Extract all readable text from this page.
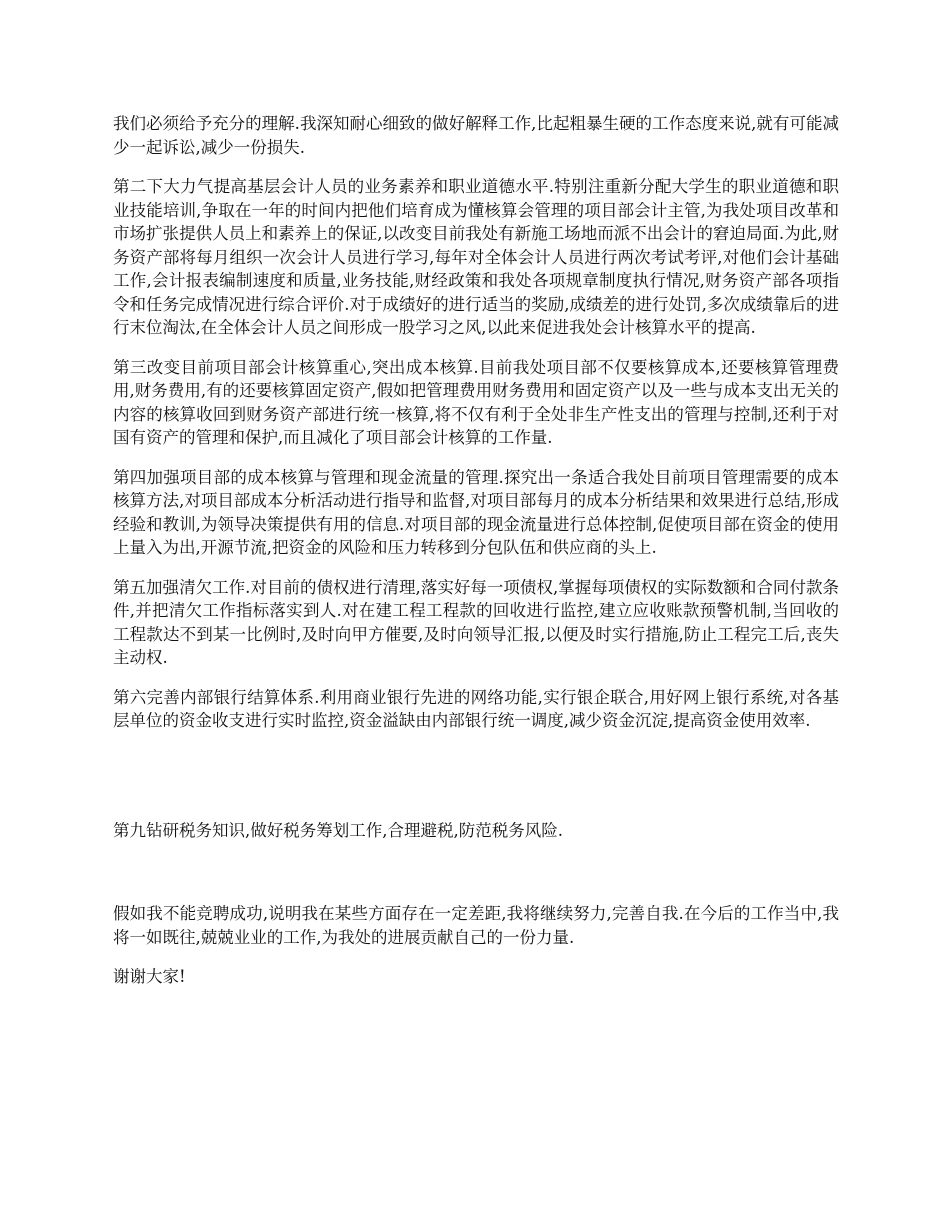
我们必须给予充分的理解.我深知耐心细致的做好解释工作,比起粗暴生硬的工作态度来说,就有可能减少一起诉讼,减少一份损失.

第二下大力气提高基层会计人员的业务素养和职业道德水平.特别注重新分配大学生的职业道德和职业技能培训,争取在一年的时间内把他们培育成为懂核算会管理的项目部会计主管,为我处项目改革和市场扩张提供人员上和素养上的保证,以改变目前我处有新施工场地而派不出会计的窘迫局面.为此,财务资产部将每月组织一次会计人员进行学习,每年对全体会计人员进行两次考试考评,对他们会计基础工作,会计报表编制速度和质量,业务技能,财经政策和我处各项规章制度执行情况,财务资产部各项指令和任务完成情况进行综合评价.对于成绩好的进行适当的奖励,成绩差的进行处罚,多次成绩靠后的进行末位淘汰,在全体会计人员之间形成一股学习之风,以此来促进我处会计核算水平的提高.

第三改变目前项目部会计核算重心,突出成本核算.目前我处项目部不仅要核算成本,还要核算管理费用,财务费用,有的还要核算固定资产,假如把管理费用财务费用和固定资产以及一些与成本支出无关的内容的核算收回到财务资产部进行统一核算,将不仅有利于全处非生产性支出的管理与控制,还利于对国有资产的管理和保护,而且减化了项目部会计核算的工作量.

第四加强项目部的成本核算与管理和现金流量的管理.探究出一条适合我处目前项目管理需要的成本核算方法,对项目部成本分析活动进行指导和监督,对项目部每月的成本分析结果和效果进行总结,形成经验和教训,为领导决策提供有用的信息.对项目部的现金流量进行总体控制,促使项目部在资金的使用上量入为出,开源节流,把资金的风险和压力转移到分包队伍和供应商的头上.

第五加强清欠工作.对目前的债权进行清理,落实好每一项债权,掌握每项债权的实际数额和合同付款条件,并把清欠工作指标落实到人.对在建工程工程款的回收进行监控,建立应收账款预警机制,当回收的工程款达不到某一比例时,及时向甲方催要,及时向领导汇报,以便及时实行措施,防止工程完工后,丧失主动权.

第六完善内部银行结算体系.利用商业银行先进的网络功能,实行银企联合,用好网上银行系统,对各基层单位的资金收支进行实时监控,资金溢缺由内部银行统一调度,减少资金沉淀,提高资金使用效率.

第九钻研税务知识,做好税务筹划工作,合理避税,防范税务风险.

假如我不能竞聘成功,说明我在某些方面存在一定差距,我将继续努力,完善自我.在今后的工作当中,我将一如既往,兢兢业业的工作,为我处的进展贡献自己的一份力量.

谢谢大家!
